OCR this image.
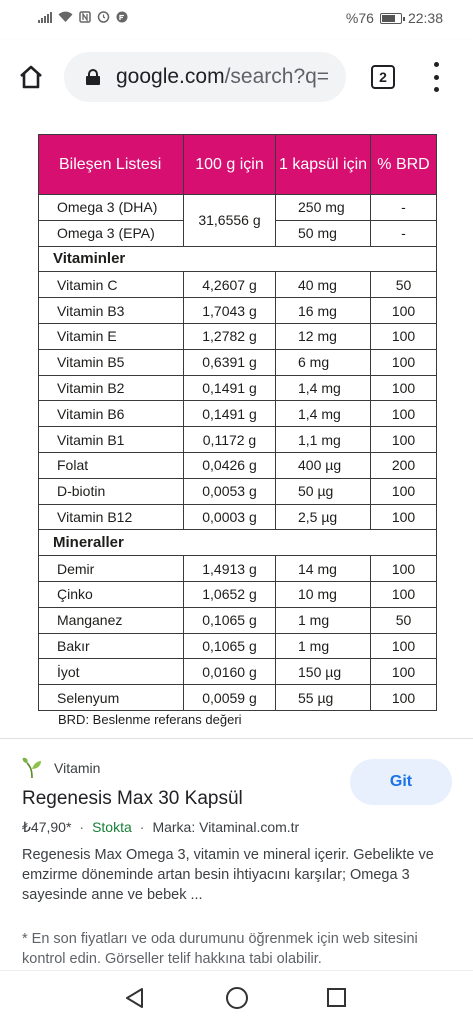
%76 22:38
google.com/search?q=	2
Bileşen Listesi	100 g için	1 kapsül için	% BRD
Omega 3 (DHA)	31,6556 g	250 mg	-
Omega 3 (EPA)		50 mg	-
Vitaminler			
Vitamin C	4,2607 g	40 mg	50
Vitamin B3	1,7043 g	16 mg	100
Vitamin E	1,2782 g	12 mg	100
Vitamin B5	0,6391 g	6 mg	100
Vitamin B2	0,1491 g	1,4 mg	100
Vitamin B6	0,1491 g	1,4 mg	100
Vitamin B1	0,1172 g	1,1 mg	100
Folat	0,0426 g	400 µg	200
D-biotin	0,0053 g	50 µg	100
Vitamin B12	0,0003 g	2,5 µg	100
Mineraller			
Demir	1,4913 g	14 mg	100
Çinko	1,0652 g	10 mg	100
Manganez	0,1065 g	1 mg	50
Bakır	0,1065 g	1 mg	100
İyot	0,0160 g	150 µg	100
Selenyum	0,0059 g	55 µg	100
BRD: Beslenme referans değeri
Vitamin
Git
Regenesis Max 30 Kapsül
₺47,90* · Stokta · Marka: Vitaminal.com.tr
Regenesis Max Omega 3, vitamin ve mineral içerir. Gebelikte ve emzirme döneminde artan besin ihtiyacını karşılar; Omega 3 sayesinde anne ve bebek ...
* En son fiyatları ve oda durumunu öğrenmek için web sitesini kontrol edin. Görseller telif hakkına tabi olabilir.
